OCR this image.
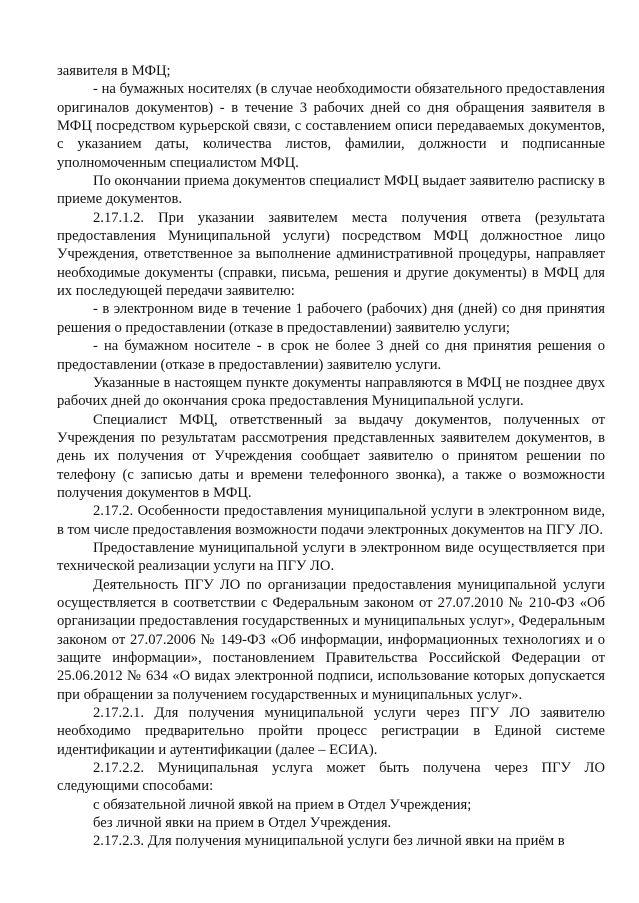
заявителя в МФЦ;

- на бумажных носителях (в случае необходимости обязательного предоставления оригиналов документов) - в течение 3 рабочих дней со дня обращения заявителя в МФЦ посредством курьерской связи, с составлением описи передаваемых документов, с указанием даты, количества листов, фамилии, должности и подписанные уполномоченным специалистом МФЦ.

По окончании приема документов специалист МФЦ выдает заявителю расписку в приеме документов.

2.17.1.2. При указании заявителем места получения ответа (результата предоставления Муниципальной услуги) посредством МФЦ должностное лицо Учреждения, ответственное за выполнение административной процедуры, направляет необходимые документы (справки, письма, решения и другие документы) в МФЦ для их последующей передачи заявителю:

- в электронном виде в течение 1 рабочего (рабочих) дня (дней) со дня принятия решения о предоставлении (отказе в предоставлении) заявителю услуги;

- на бумажном носителе - в срок не более 3 дней со дня принятия решения о предоставлении (отказе в предоставлении) заявителю услуги.

Указанные в настоящем пункте документы направляются в МФЦ не позднее двух рабочих дней до окончания срока предоставления Муниципальной услуги.

Специалист МФЦ, ответственный за выдачу документов, полученных от Учреждения по результатам рассмотрения представленных заявителем документов, в день их получения от Учреждения сообщает заявителю о принятом решении по телефону (с записью даты и времени телефонного звонка), а также о возможности получения документов в МФЦ.

2.17.2. Особенности предоставления муниципальной услуги в электронном виде, в том числе предоставления возможности подачи электронных документов на ПГУ ЛО.

Предоставление муниципальной услуги в электронном виде осуществляется при технической реализации услуги на ПГУ ЛО.

Деятельность ПГУ ЛО по организации предоставления муниципальной услуги осуществляется в соответствии с Федеральным законом от 27.07.2010 № 210-ФЗ «Об организации предоставления государственных и муниципальных услуг», Федеральным законом от 27.07.2006 № 149-ФЗ «Об информации, информационных технологиях и о защите информации», постановлением Правительства Российской Федерации от 25.06.2012 № 634 «О видах электронной подписи, использование которых допускается при обращении за получением государственных и муниципальных услуг».

2.17.2.1. Для получения муниципальной услуги через ПГУ ЛО заявителю необходимо предварительно пройти процесс регистрации в Единой системе идентификации и аутентификации (далее – ЕСИА).

2.17.2.2. Муниципальная услуга может быть получена через ПГУ ЛО следующими способами:

с обязательной личной явкой на прием в Отдел Учреждения;

без личной явки на прием в Отдел Учреждения.

2.17.2.3. Для получения муниципальной услуги без личной явки на приём в
